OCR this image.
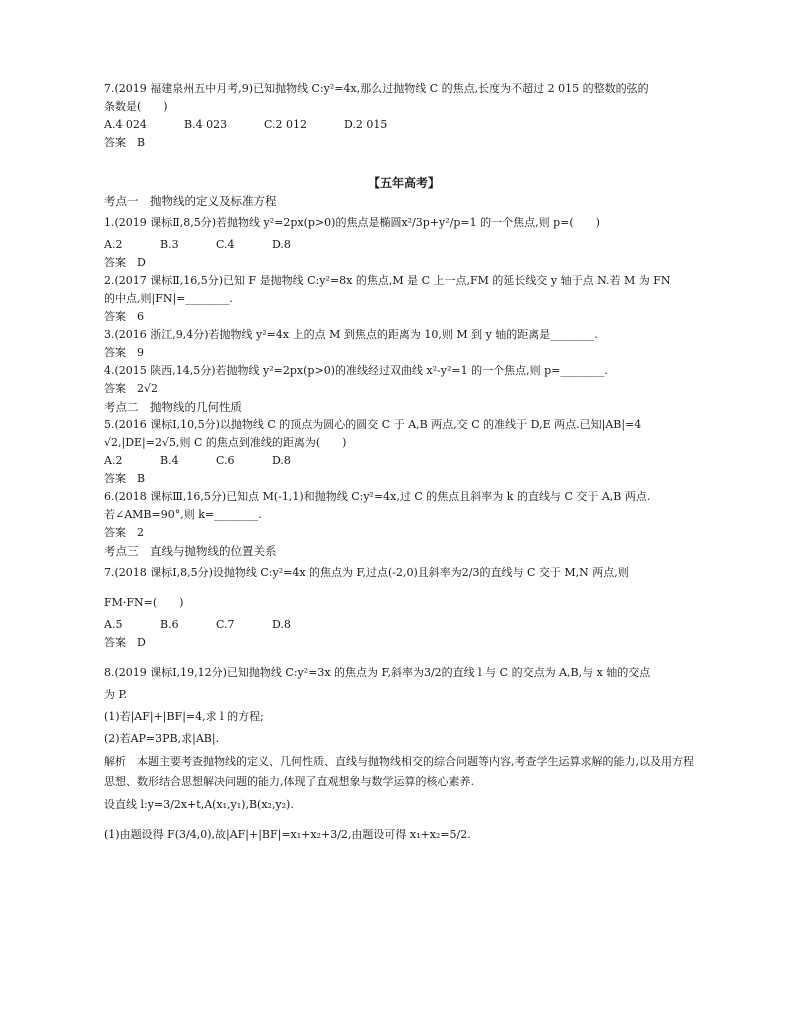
7.(2019 福建泉州五中月考,9)已知抛物线 C:y²=4x,那么过抛物线 C 的焦点,长度为不超过 2 015 的整数的弦的
条数是(　　)
A.4 024	B.4 023	C.2 012	D.2 015
答案　B
【五年高考】
考点一　抛物线的定义及标准方程
1.(2019 课标Ⅱ,8,5分)若抛物线 y²=2px(p>0)的焦点是椭圆x²/3p+y²/p=1 的一个焦点,则 p=(　　)
A.2	B.3	C.4	D.8
答案　D
2.(2017 课标Ⅱ,16,5分)已知 F 是抛物线 C:y²=8x 的焦点,M 是 C 上一点,FM 的延长线交 y 轴于点 N.若 M 为 FN
的中点,则|FN|=________.
答案　6
3.(2016 浙江,9,4分)若抛物线 y²=4x 上的点 M 到焦点的距离为 10,则 M 到 y 轴的距离是________.
答案　9
4.(2015 陕西,14,5分)若抛物线 y²=2px(p>0)的准线经过双曲线 x²-y²=1 的一个焦点,则 p=________.
答案　2√2
考点二　抛物线的几何性质
5.(2016 课标Ⅰ,10,5分)以抛物线 C 的顶点为圆心的圆交 C 于 A,B 两点,交 C 的准线于 D,E 两点.已知|AB|=4
√2,|DE|=2√5,则 C 的焦点到准线的距离为(　　)
A.2	B.4	C.6	D.8
答案　B
6.(2018 课标Ⅲ,16,5分)已知点 M(-1,1)和抛物线 C:y²=4x,过 C 的焦点且斜率为 k 的直线与 C 交于 A,B 两点.
若∠AMB=90°,则 k=________.
答案　2
考点三　直线与抛物线的位置关系
7.(2018 课标Ⅰ,8,5分)设抛物线 C:y²=4x 的焦点为 F,过点(-2,0)且斜率为2/3的直线与 C 交于 M,N 两点,则
FM·FN=(　　)
A.5	B.6	C.7	D.8
答案　D
8.(2019 课标Ⅰ,19,12分)已知抛物线 C:y²=3x 的焦点为 F,斜率为3/2的直线 l 与 C 的交点为 A,B,与 x 轴的交点
为 P.
(1)若|AF|+|BF|=4,求 l 的方程;
(2)若AP=3PB,求|AB|.
解析　本题主要考查抛物线的定义、几何性质、直线与抛物线相交的综合问题等内容,考查学生运算求解的能力,以及用方程思想、数形结合思想解决问题的能力,体现了直观想象与数学运算的核心素养.
设直线 l:y=3/2x+t,A(x₁,y₁),B(x₂,y₂).
(1)由题设得 F(3/4,0),故|AF|+|BF|=x₁+x₂+3/2,由题设可得 x₁+x₂=5/2.
